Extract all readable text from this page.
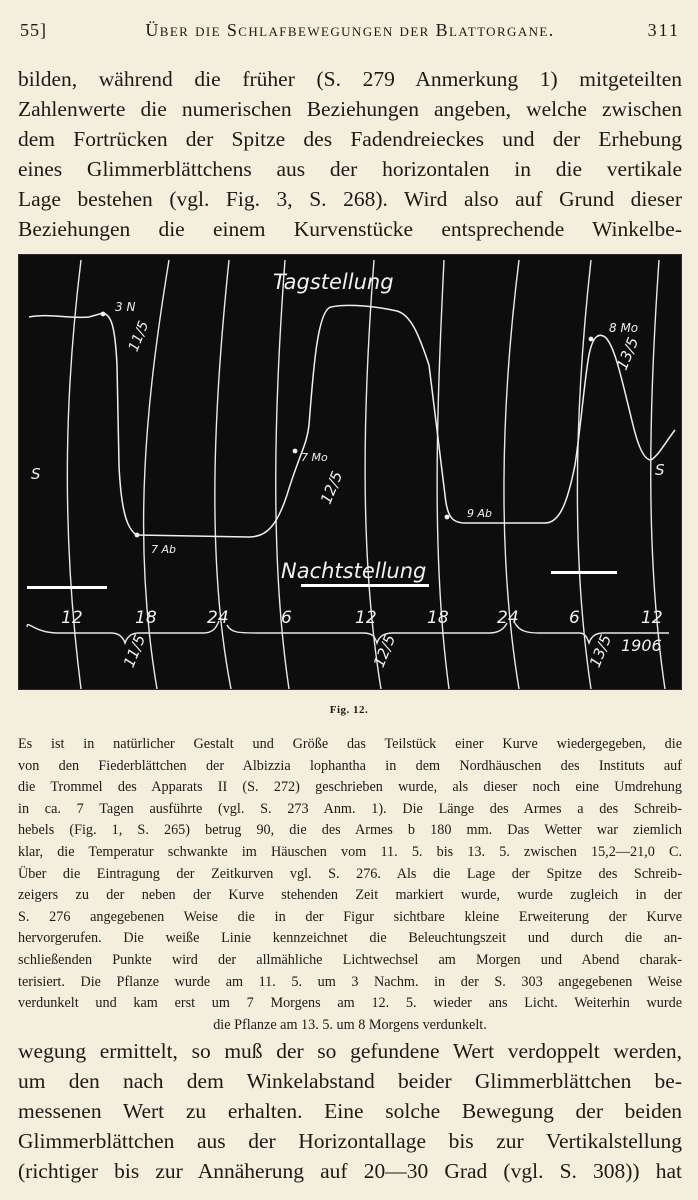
55]	Über die Schlafbewegungen der Blattorgane.	311
bilden, während die früher (S. 279 Anmerkung 1) mitgeteilten
Zahlenwerte die numerischen Beziehungen angeben, welche zwischen
dem Fortrücken der Spitze des Fadendreieckes und der Erhebung
eines Glimmerblättchens aus der horizontalen in die vertikale
Lage bestehen (vgl. Fig. 3, S. 268). Wird also auf Grund dieser
Beziehungen die einem Kurvenstücke entsprechende Winkelbe-
Tagstellung
Nachtstellung
S	S
3 N
11/5
7 Ab
7 Mo
12/5
9 Ab
8 Mo
13/5
12	18	24	6	12	18	24	6	12
11/5	12/5	13/5 1906
Fig. 12.
Es ist in natürlicher Gestalt und Größe das Teilstück einer Kurve wiedergegeben, die
von den Fiederblättchen der Albizzia lophantha in dem Nordhäuschen des Instituts auf
die Trommel des Apparats II (S. 272) geschrieben wurde, als dieser noch eine Umdrehung
in ca. 7 Tagen ausführte (vgl. S. 273 Anm. 1). Die Länge des Armes a des Schreib-
hebels (Fig. 1, S. 265) betrug 90, die des Armes b 180 mm. Das Wetter war ziemlich
klar, die Temperatur schwankte im Häuschen vom 11. 5. bis 13. 5. zwischen 15,2—21,0 C.
Über die Eintragung der Zeitkurven vgl. S. 276. Als die Lage der Spitze des Schreib-
zeigers zu der neben der Kurve stehenden Zeit markiert wurde, wurde zugleich in der
S. 276 angegebenen Weise die in der Figur sichtbare kleine Erweiterung der Kurve
hervorgerufen. Die weiße Linie kennzeichnet die Beleuchtungszeit und durch die an-
schließenden Punkte wird der allmähliche Lichtwechsel am Morgen und Abend charak-
terisiert. Die Pflanze wurde am 11. 5. um 3 Nachm. in der S. 303 angegebenen Weise
verdunkelt und kam erst um 7 Morgens am 12. 5. wieder ans Licht. Weiterhin wurde
die Pflanze am 13. 5. um 8 Morgens verdunkelt.
wegung ermittelt, so muß der so gefundene Wert verdoppelt werden,
um den nach dem Winkelabstand beider Glimmerblättchen be-
messenen Wert zu erhalten. Eine solche Bewegung der beiden
Glimmerblättchen aus der Horizontallage bis zur Vertikalstellung
(richtiger bis zur Annäherung auf 20—30 Grad (vgl. S. 308)) hat
